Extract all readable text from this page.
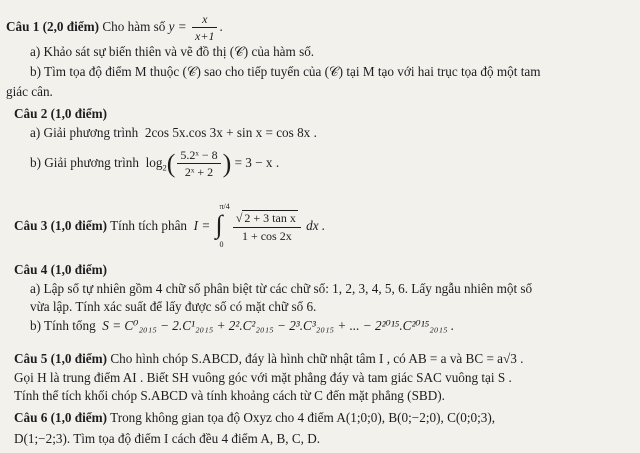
Câu 1 (2,0 điểm) Cho hàm số $y = \frac{x}{x+1}$ .
a) Khảo sát sự biến thiên và vẽ đồ thị (𝒞) của hàm số.
b) Tìm tọa độ điểm M thuộc (𝒞) sao cho tiếp tuyến của (𝒞) tại M tạo với hai trục tọa độ một tam
giác cân.
Câu 2 (1,0 điểm)
a) Giải phương trình 2cos 5x.cos 3x + sin x = cos 8x .
b) Giải phương trình $\log_2( \frac{\text{5.2ˣ − 8}}{\text{2ˣ + 2}}$ ) = 3 − x .
Câu 3 (1,0 điểm) Tính tích phân I =
π/4
∫
0

$\frac{\text{√ 2 + 3 tan x}}{1 + \cos 2x}$ dx .
Câu 4 (1,0 điểm)
a) Lập số tự nhiên gồm 4 chữ số phân biệt từ các chữ số: 1, 2, 3, 4, 5, 6. Lấy ngẫu nhiên một số
vừa lập. Tính xác suất để lấy được số có mặt chữ số 6.
b) Tính tổng S = C⁰₂₀₁₅ − 2.C¹₂₀₁₅ + 2².C²₂₀₁₅ − 2³.C³₂₀₁₅ + ... − 2²⁰¹⁵.C²⁰¹⁵₂₀₁₅ .
Câu 5 (1,0 điểm) Cho hình chóp S.ABCD, đáy là hình chữ nhật tâm I , có AB = a và BC = a√3 .
Gọi H là trung điểm AI . Biết SH vuông góc với mặt phẳng đáy và tam giác SAC vuông tại S .
Tính thể tích khối chóp S.ABCD và tính khoảng cách từ C đến mặt phẳng (SBD).
Câu 6 (1,0 điểm) Trong không gian tọa độ Oxyz cho 4 điểm A(1;0;0), B(0;−2;0), C(0;0;3),
D(1;−2;3). Tìm tọa độ điểm I cách đều 4 điểm A, B, C, D.
